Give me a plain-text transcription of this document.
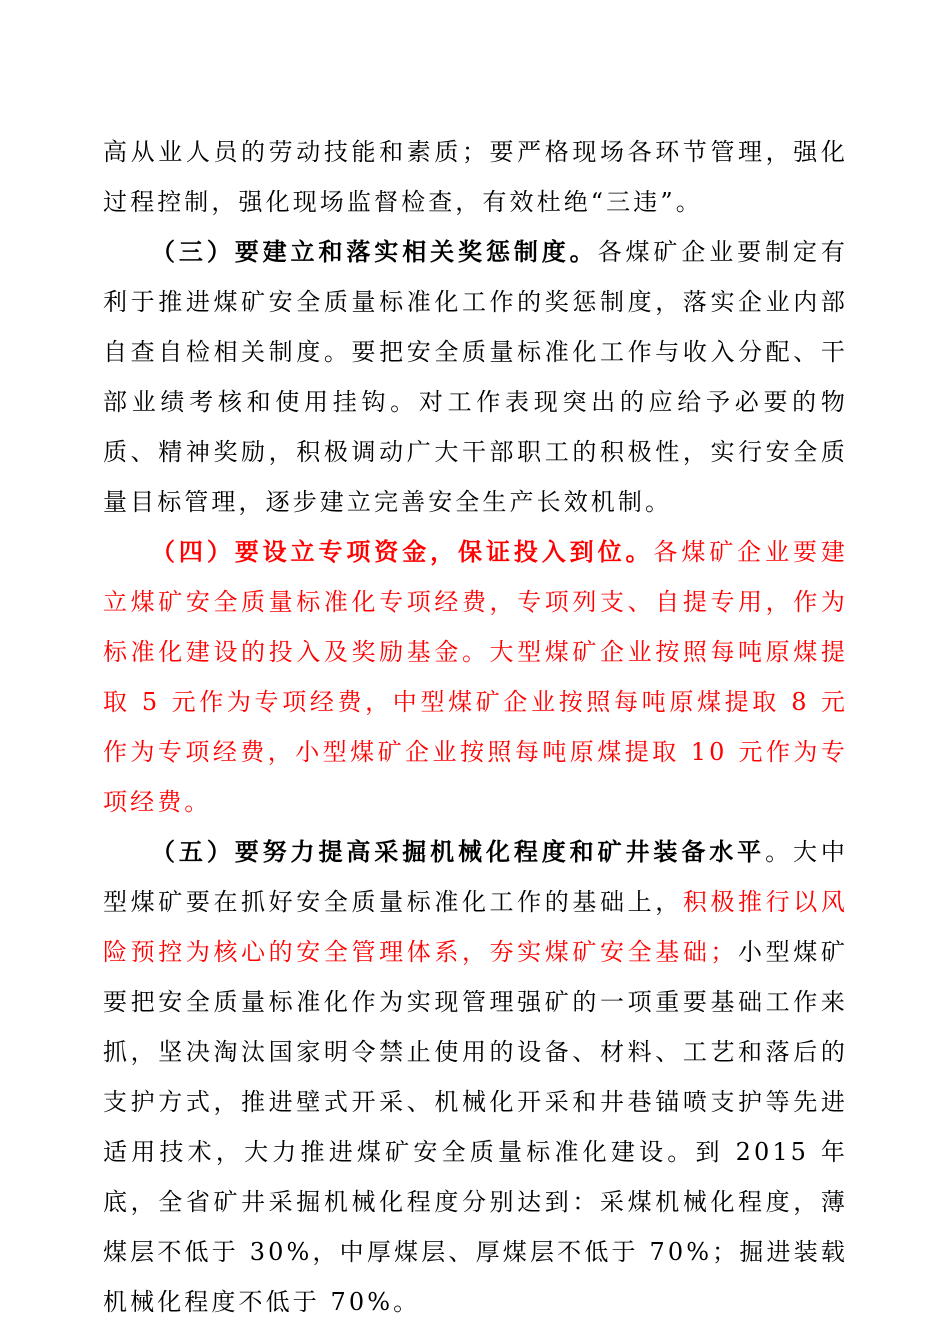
高从业人员的劳动技能和素质；要严格现场各环节管理，强化过程控制，强化现场监督检查，有效杜绝“三违”。

（三）要建立和落实相关奖惩制度。各煤矿企业要制定有利于推进煤矿安全质量标准化工作的奖惩制度，落实企业内部自查自检相关制度。要把安全质量标准化工作与收入分配、干部业绩考核和使用挂钩。对工作表现突出的应给予必要的物质、精神奖励，积极调动广大干部职工的积极性，实行安全质量目标管理，逐步建立完善安全生产长效机制。

（四）要设立专项资金，保证投入到位。各煤矿企业要建立煤矿安全质量标准化专项经费，专项列支、自提专用，作为标准化建设的投入及奖励基金。大型煤矿企业按照每吨原煤提取 5 元作为专项经费，中型煤矿企业按照每吨原煤提取 8 元作为专项经费，小型煤矿企业按照每吨原煤提取 10 元作为专项经费。

（五）要努力提高采掘机械化程度和矿井装备水平。大中型煤矿要在抓好安全质量标准化工作的基础上，积极推行以风险预控为核心的安全管理体系，夯实煤矿安全基础；小型煤矿要把安全质量标准化作为实现管理强矿的一项重要基础工作来抓，坚决淘汰国家明令禁止使用的设备、材料、工艺和落后的支护方式，推进壁式开采、机械化开采和井巷锚喷支护等先进适用技术，大力推进煤矿安全质量标准化建设。到 2015 年底，全省矿井采掘机械化程度分别达到：采煤机械化程度，薄煤层不低于 30%，中厚煤层、厚煤层不低于 70%；掘进装载机械化程度不低于 70%。
